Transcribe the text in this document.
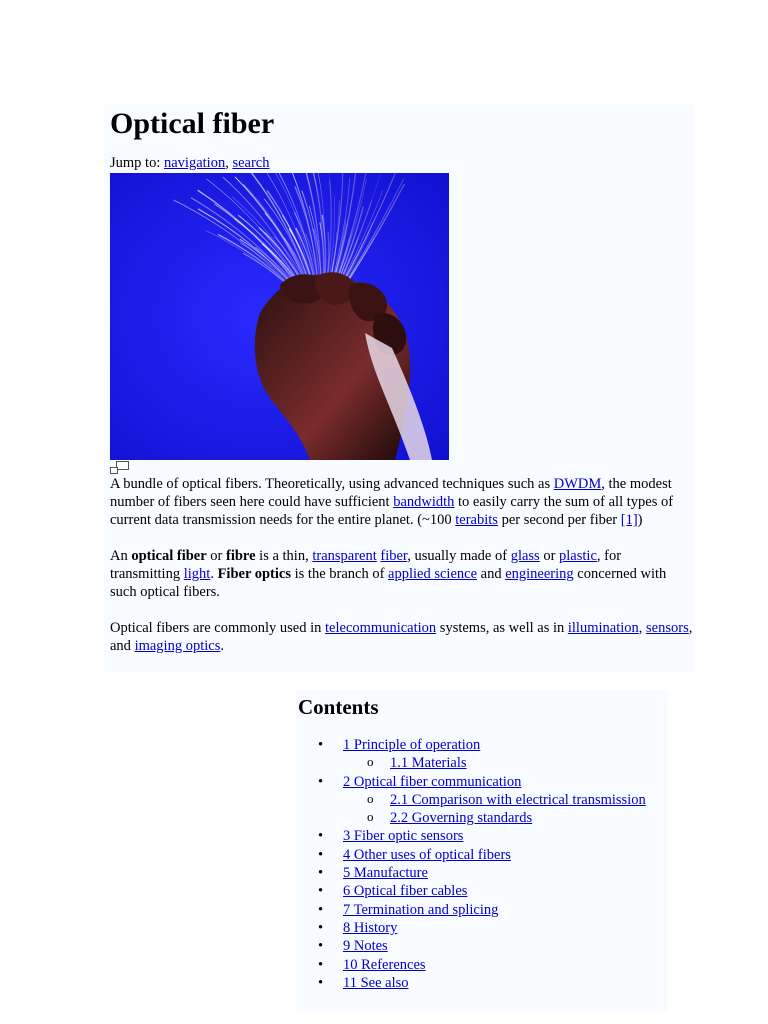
Optical fiber
Jump to: navigation, search

A bundle of optical fibers. Theoretically, using advanced techniques such as DWDM, the modest number of fibers seen here could have sufficient bandwidth to easily carry the sum of all types of current data transmission needs for the entire planet. (~100 terabits per second per fiber [1])

An optical fiber or fibre is a thin, transparent fiber, usually made of glass or plastic, for transmitting light. Fiber optics is the branch of applied science and engineering concerned with such optical fibers.

Optical fibers are commonly used in telecommunication systems, as well as in illumination, sensors, and imaging optics.

Contents
• 1 Principle of operation
o 1.1 Materials
• 2 Optical fiber communication
o 2.1 Comparison with electrical transmission
o 2.2 Governing standards
• 3 Fiber optic sensors
• 4 Other uses of optical fibers
• 5 Manufacture
• 6 Optical fiber cables
• 7 Termination and splicing
• 8 History
• 9 Notes
• 10 References
• 11 See also
